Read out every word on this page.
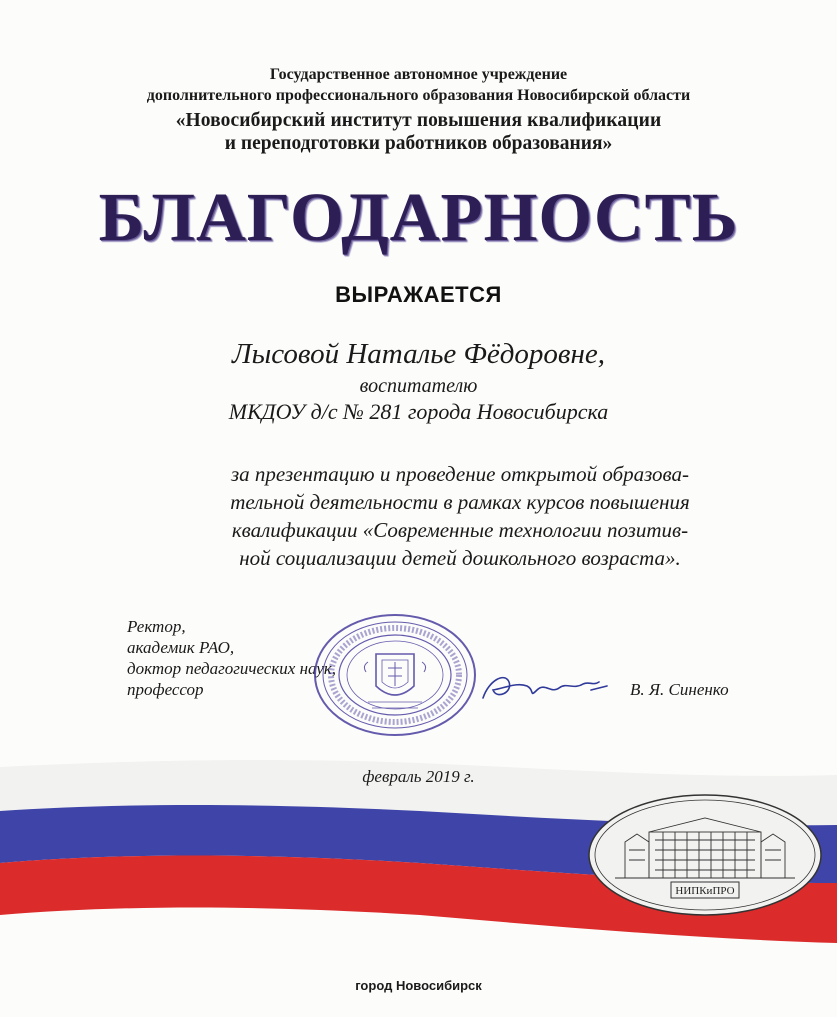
Государственное автономное учреждение
дополнительного профессионального образования Новосибирской области
«Новосибирский институт повышения квалификации
и переподготовки работников образования»
БЛАГОДАРНОСТЬ
ВЫРАЖАЕТСЯ
Лысовой Наталье Фёдоровне,
воспитателю
МКДОУ д/с № 281 города Новосибирска
за презентацию и проведение открытой образова-
тельной деятельности в рамках курсов повышения
квалификации «Современные технологии позитив-
ной социализации детей дошкольного возраста».
Ректор,
академик РАО,
доктор педагогических наук,
профессор	В. Я. Синенко
февраль 2019 г.
НИПКиПРО
город Новосибирск
